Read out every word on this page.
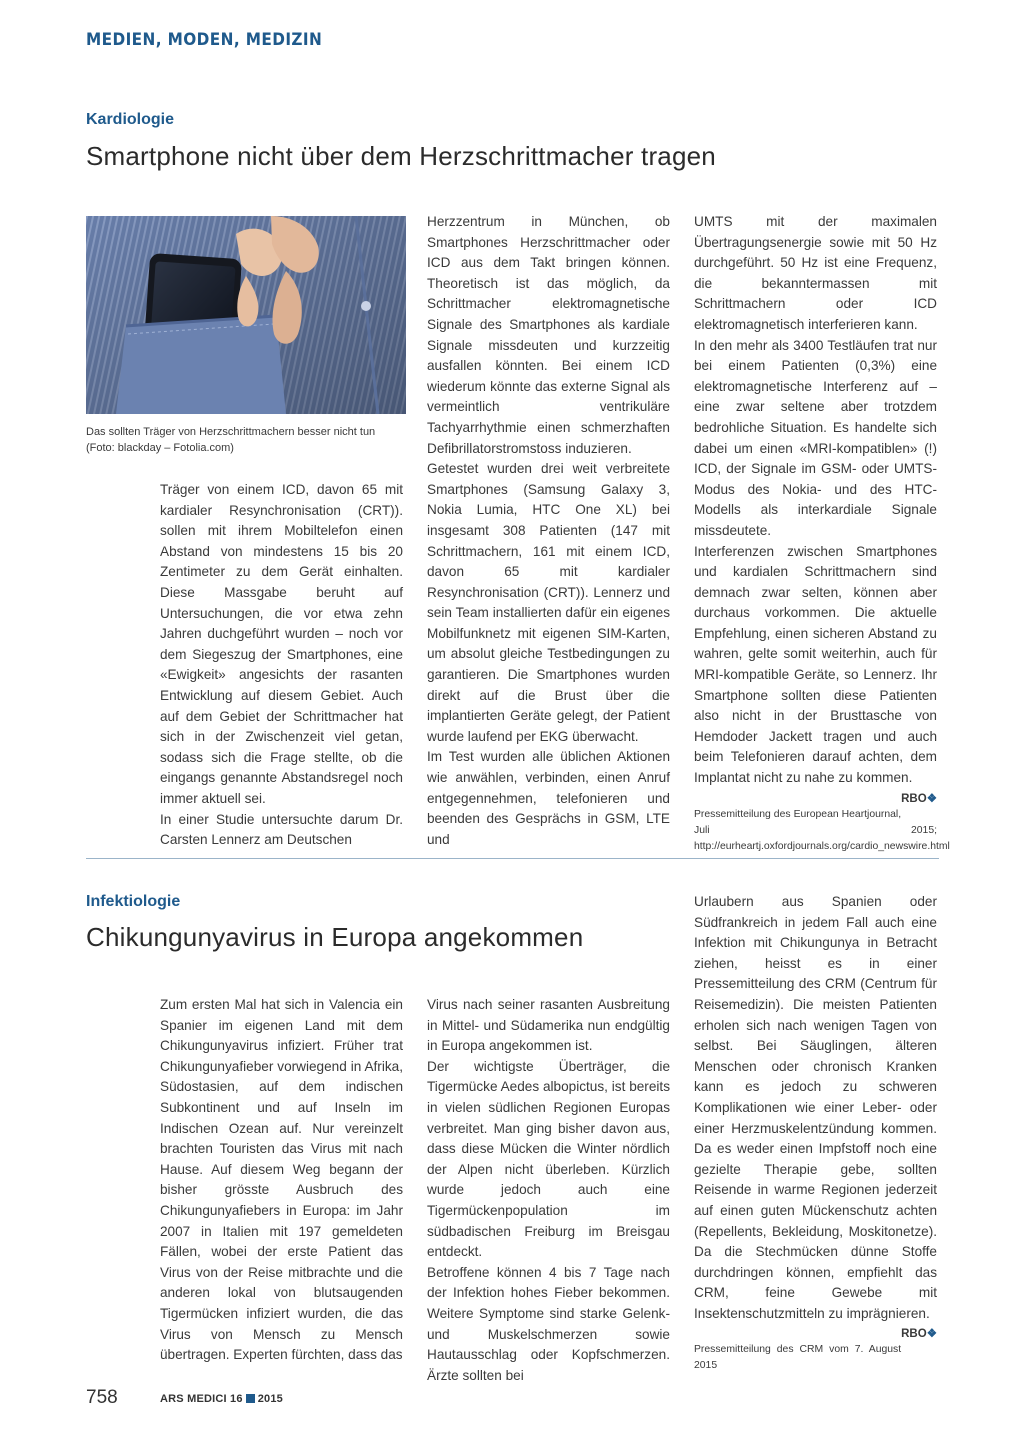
MEDIEN, MODEN, MEDIZIN
Kardiologie
Smartphone nicht über dem Herzschrittmacher tragen
Das sollten Träger von Herzschrittmachern besser nicht tun (Foto: blackday – Fotolia.com)

Träger von einem ICD, davon 65 mit kardialer Resynchronisation (CRT)). sollen mit ihrem Mobiltelefon einen Abstand von mindestens 15 bis 20 Zentimeter zu dem Gerät einhalten. Diese Massgabe beruht auf Untersuchungen, die vor etwa zehn Jahren duchgeführt wurden – noch vor dem Siegeszug der Smartphones, eine «Ewigkeit» angesichts der rasanten Entwicklung auf diesem Gebiet. Auch auf dem Gebiet der Schrittmacher hat sich in der Zwischenzeit viel getan, sodass sich die Frage stellte, ob die eingangs genannte Abstandsregel noch immer aktuell sei.

In einer Studie untersuchte darum Dr. Carsten Lennerz am Deutschen

Herzzentrum in München, ob Smartphones Herzschrittmacher oder ICD aus dem Takt bringen können. Theoretisch ist das möglich, da Schrittmacher elektromagnetische Signale des Smartphones als kardiale Signale missdeuten und kurzzeitig ausfallen könnten. Bei einem ICD wiederum könnte das externe Signal als vermeintlich ventrikuläre Tachyarrhythmie einen schmerzhaften Defibrillatorstromstoss induzieren.

Getestet wurden drei weit verbreitete Smartphones (Samsung Galaxy 3, Nokia Lumia, HTC One XL) bei insgesamt 308 Patienten (147 mit Schrittmachern, 161 mit einem ICD, davon 65 mit kardialer Resynchronisation (CRT)). Lennerz und sein Team installierten dafür ein eigenes Mobilfunknetz mit eigenen SIM-Karten, um absolut gleiche Testbedingungen zu garantieren. Die Smartphones wurden direkt auf die Brust über die implantierten Geräte gelegt, der Patient wurde laufend per EKG überwacht.

Im Test wurden alle üblichen Aktionen wie anwählen, verbinden, einen Anruf entgegennehmen, telefonieren und beenden des Gesprächs in GSM, LTE und

UMTS mit der maximalen Übertragungsenergie sowie mit 50 Hz durchgeführt. 50 Hz ist eine Frequenz, die bekanntermassen mit Schrittmachern oder ICD elektromagnetisch interferieren kann.

In den mehr als 3400 Testläufen trat nur bei einem Patienten (0,3%) eine elektromagnetische Interferenz auf – eine zwar seltene aber trotzdem bedrohliche Situation. Es handelte sich dabei um einen «MRI-kompatiblen» (!) ICD, der Signale im GSM- oder UMTS-Modus des Nokia- und des HTC-Modells als interkardiale Signale missdeutete.

Interferenzen zwischen Smartphones und kardialen Schrittmachern sind demnach zwar selten, können aber durchaus vorkommen. Die aktuelle Empfehlung, einen sicheren Abstand zu wahren, gelte somit weiterhin, auch für MRI-kompatible Geräte, so Lennerz. Ihr Smartphone sollten diese Patienten also nicht in der Brusttasche von Hemdoder Jackett tragen und auch beim Telefonieren darauf achten, dem Implantat nicht zu nahe zu kommen.
RBO❖

Pressemitteilung des European Heartjournal, Juli 2015; http://eurheartj.oxfordjournals.org/cardio_newswire.html
Infektiologie
Chikungunyavirus in Europa angekommen

Zum ersten Mal hat sich in Valencia ein Spanier im eigenen Land mit dem Chikungunyavirus infiziert. Früher trat Chikungunyafieber vorwiegend in Afrika, Südostasien, auf dem indischen Subkontinent und auf Inseln im Indischen Ozean auf. Nur vereinzelt brachten Touristen das Virus mit nach Hause. Auf diesem Weg begann der bisher grösste Ausbruch des Chikungunyafiebers in Europa: im Jahr 2007 in Italien mit 197 gemeldeten Fällen, wobei der erste Patient das Virus von der Reise mitbrachte und die anderen lokal von blutsaugenden Tigermücken infiziert wurden, die das Virus von Mensch zu Mensch übertragen. Experten fürchten, dass das

Virus nach seiner rasanten Ausbreitung in Mittel- und Südamerika nun endgültig in Europa angekommen ist.

Der wichtigste Überträger, die Tigermücke Aedes albopictus, ist bereits in vielen südlichen Regionen Europas verbreitet. Man ging bisher davon aus, dass diese Mücken die Winter nördlich der Alpen nicht überleben. Kürzlich wurde jedoch auch eine Tigermückenpopulation im südbadischen Freiburg im Breisgau entdeckt.

Betroffene können 4 bis 7 Tage nach der Infektion hohes Fieber bekommen. Weitere Symptome sind starke Gelenk- und Muskelschmerzen sowie Hautausschlag oder Kopfschmerzen. Ärzte sollten bei

Urlaubern aus Spanien oder Südfrankreich in jedem Fall auch eine Infektion mit Chikungunya in Betracht ziehen, heisst es in einer Pressemitteilung des CRM (Centrum für Reisemedizin). Die meisten Patienten erholen sich nach wenigen Tagen von selbst. Bei Säuglingen, älteren Menschen oder chronisch Kranken kann es jedoch zu schweren Komplikationen wie einer Leber- oder einer Herzmuskelentzündung kommen. Da es weder einen Impfstoff noch eine gezielte Therapie gebe, sollten Reisende in warme Regionen jederzeit auf einen guten Mückenschutz achten (Repellents, Bekleidung, Moskitonetze). Da die Stechmücken dünne Stoffe durchdringen können, empfiehlt das CRM, feine Gewebe mit Insektenschutzmitteln zu imprägnieren.
RBO❖

Pressemitteilung des CRM vom 7. August 2015
758	ARS MEDICI 16 2015
